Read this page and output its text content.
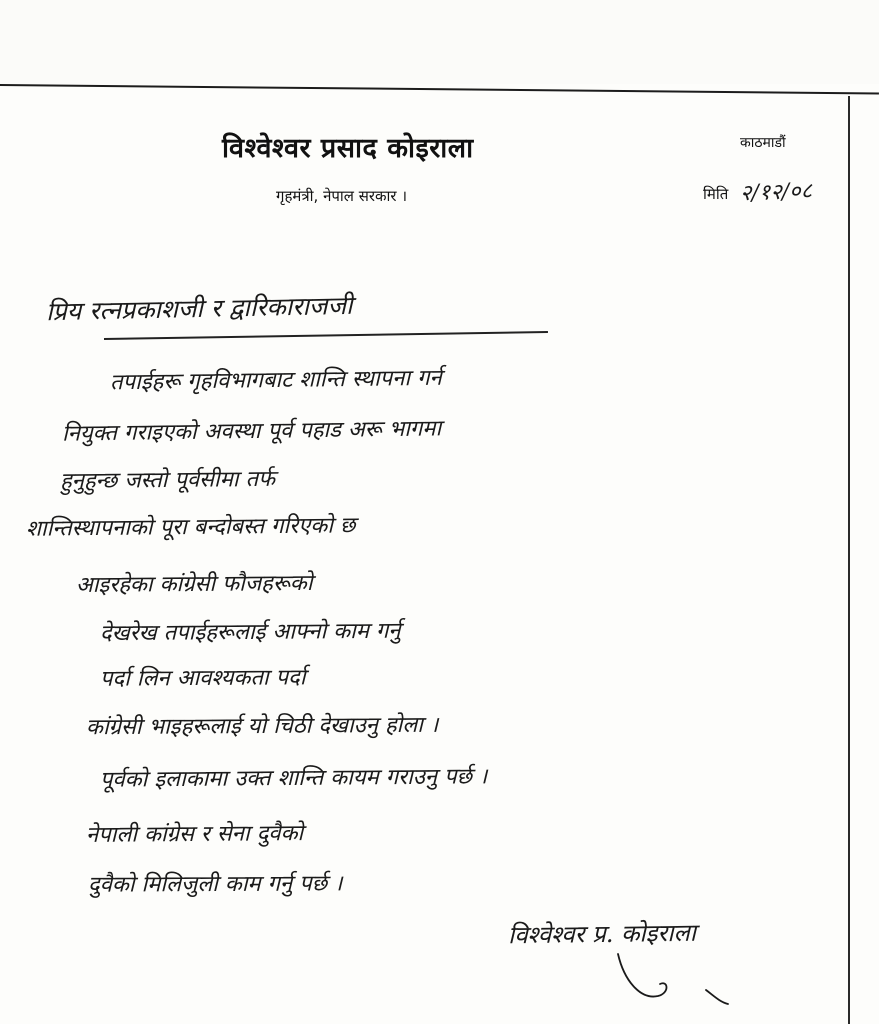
विश्वेश्वर प्रसाद कोइराला
गृहमंत्री, नेपाल सरकार ।
काठमाडौं
मिति २/१२/०८

प्रिय रत्नप्रकाशजी र द्वारिकाराजजी

तपाईहरू गृहविभागबाट शान्ति स्थापना गर्न

नियुक्त गराइएको अवस्था पूर्व पहाड अरू भागमा

हुनुहुन्छ जस्तो पूर्वसीमा तर्फ

शान्तिस्थापनाको पूरा बन्दोबस्त गरिएको छ

आइरहेका कांग्रेसी फौजहरूको

देखरेख तपाईहरूलाई आफ्नो काम गर्नु

पर्दा लिन आवश्यकता पर्दा

कांग्रेसी भाइहरूलाई यो चिठी देखाउनु होला ।

पूर्वको इलाकामा उक्त शान्ति कायम गराउनु पर्छ ।

नेपाली कांग्रेस र सेना दुवैको

दुवैको मिलिजुली काम गर्नु पर्छ ।

विश्वेश्वर प्र. कोइराला
